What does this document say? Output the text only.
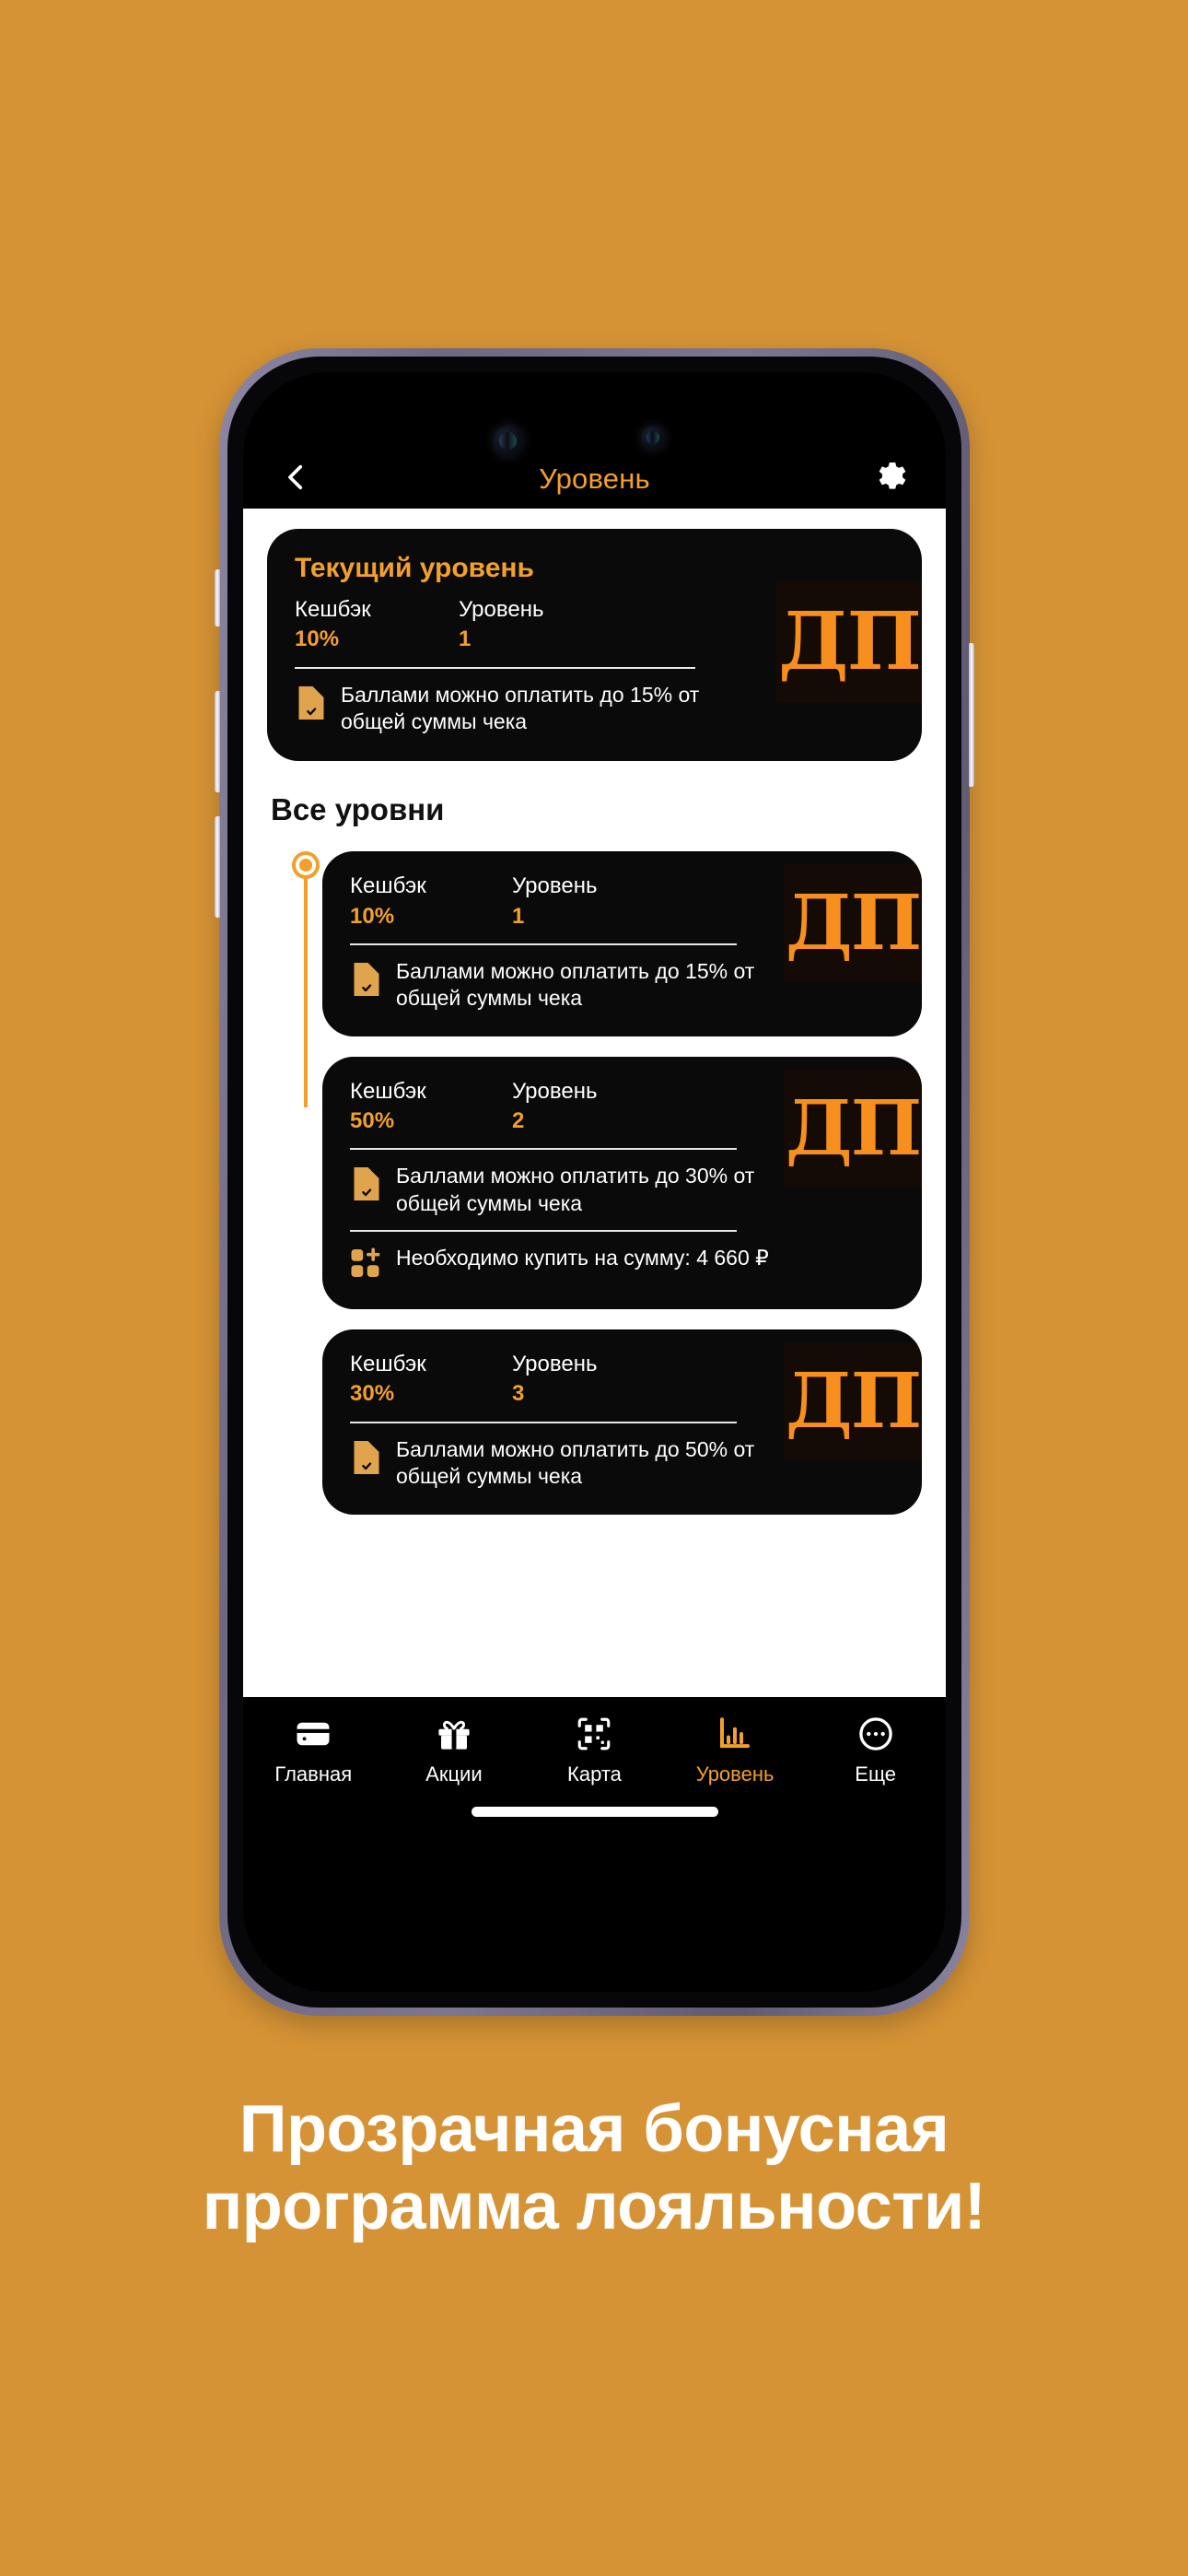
Уровень
Текущий уровень
ДП
Кешбэк
10%
Уровень
1
Баллами можно оплатить до 15% от общей суммы чека
Все уровни
ДП
Кешбэк
10%
Уровень
1
Баллами можно оплатить до 15% от общей суммы чека
ДП
Кешбэк
50%
Уровень
2
Баллами можно оплатить до 30% от общей суммы чека
Необходимо купить на сумму: 4 660 ₽
ДП
Кешбэк
30%
Уровень
3
Баллами можно оплатить до 50% от общей суммы чека
Главная	Акции	Карта	Уровень	Еще
Прозрачная бонусная
программа лояльности!
